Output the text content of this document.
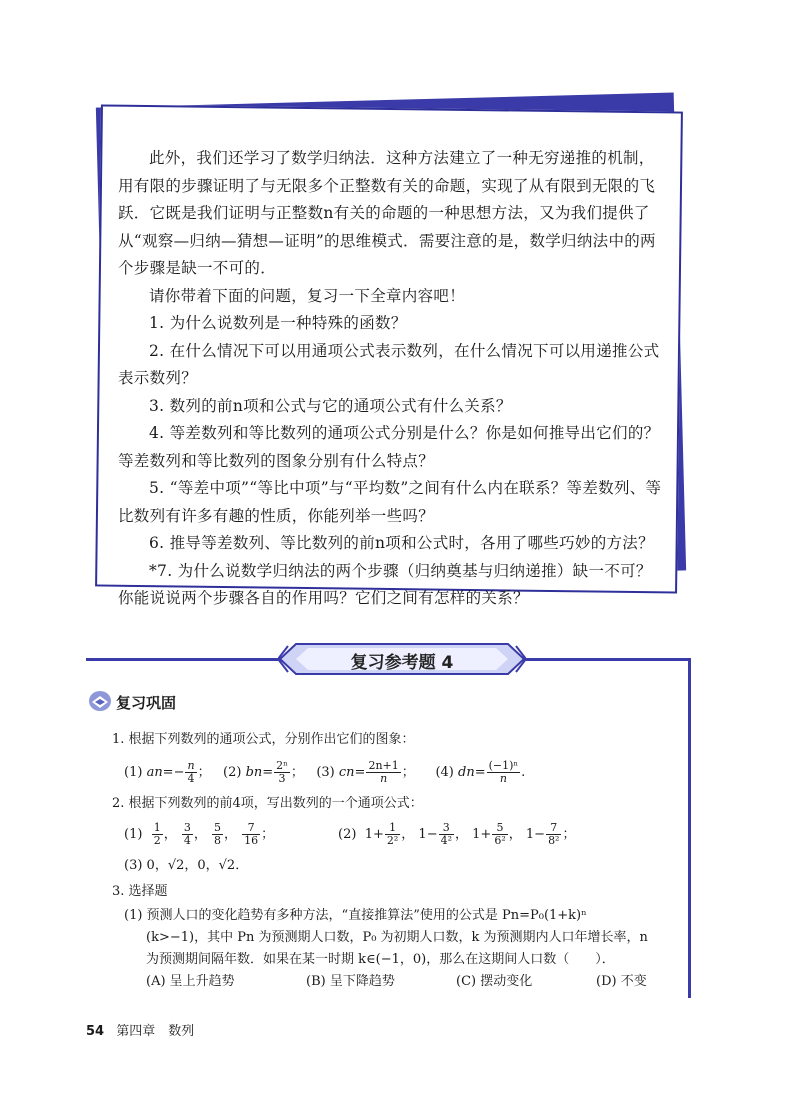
此外，我们还学习了数学归纳法．这种方法建立了一种无穷递推的机制，用有限的步骤证明了与无限多个正整数有关的命题，实现了从有限到无限的飞跃．它既是我们证明与正整数n有关的命题的一种思想方法，又为我们提供了从“观察—归纳—猜想—证明”的思维模式．需要注意的是，数学归纳法中的两个步骤是缺一不可的．

请你带着下面的问题，复习一下全章内容吧！

1. 为什么说数列是一种特殊的函数？

2. 在什么情况下可以用通项公式表示数列，在什么情况下可以用递推公式表示数列？

3. 数列的前n项和公式与它的通项公式有什么关系？

4. 等差数列和等比数列的通项公式分别是什么？你是如何推导出它们的？等差数列和等比数列的图象分别有什么特点？

5. “等差中项”“等比中项”与“平均数”之间有什么内在联系？等差数列、等比数列有许多有趣的性质，你能列举一些吗？

6. 推导等差数列、等比数列的前n项和公式时，各用了哪些巧妙的方法？

*7. 为什么说数学归纳法的两个步骤（归纳奠基与归纳递推）缺一不可？你能说说两个步骤各自的作用吗？它们之间有怎样的关系？

复习参考题 4
复习巩固
1. 根据下列数列的通项公式，分别作出它们的图象：
(1) $an=- \frac{n}{4}$ ； (2) $bn= \frac{\text{2ⁿ}}{3}$ ； (3) $cn= \frac{2n+1}{n}$ ； (4) $dn= \frac{\text{(−1)ⁿ}}{n}$ .
2. 根据下列数列的前4项，写出数列的一个通项公式：
$(1) \frac{1}{2}$ ， $\frac{3}{4}$ ， $\frac{5}{8}$ ， $\frac{7}{16}$ ；	(2) $1+ \frac{1}{\text{2²}}$ ， $1- \frac{3}{\text{4²}}$ ， $1+ \frac{5}{\text{6²}}$ ， $1- \frac{7}{\text{8²}}$ ；
(3) 0，√2，0，√2．
3. 选择题
(1) 预测人口的变化趋势有多种方法，“直接推算法”使用的公式是 Pn=P₀(1+k)ⁿ
(k>−1)，其中 Pn 为预测期人口数，P₀ 为初期人口数，k 为预测期内人口年增长率，n
为预测期间隔年数．如果在某一时期 k∈(−1，0)，那么在这期间人口数（　　）．
(A) 呈上升趋势	(B) 呈下降趋势	(C) 摆动变化	(D) 不变
54 第四章　数列
